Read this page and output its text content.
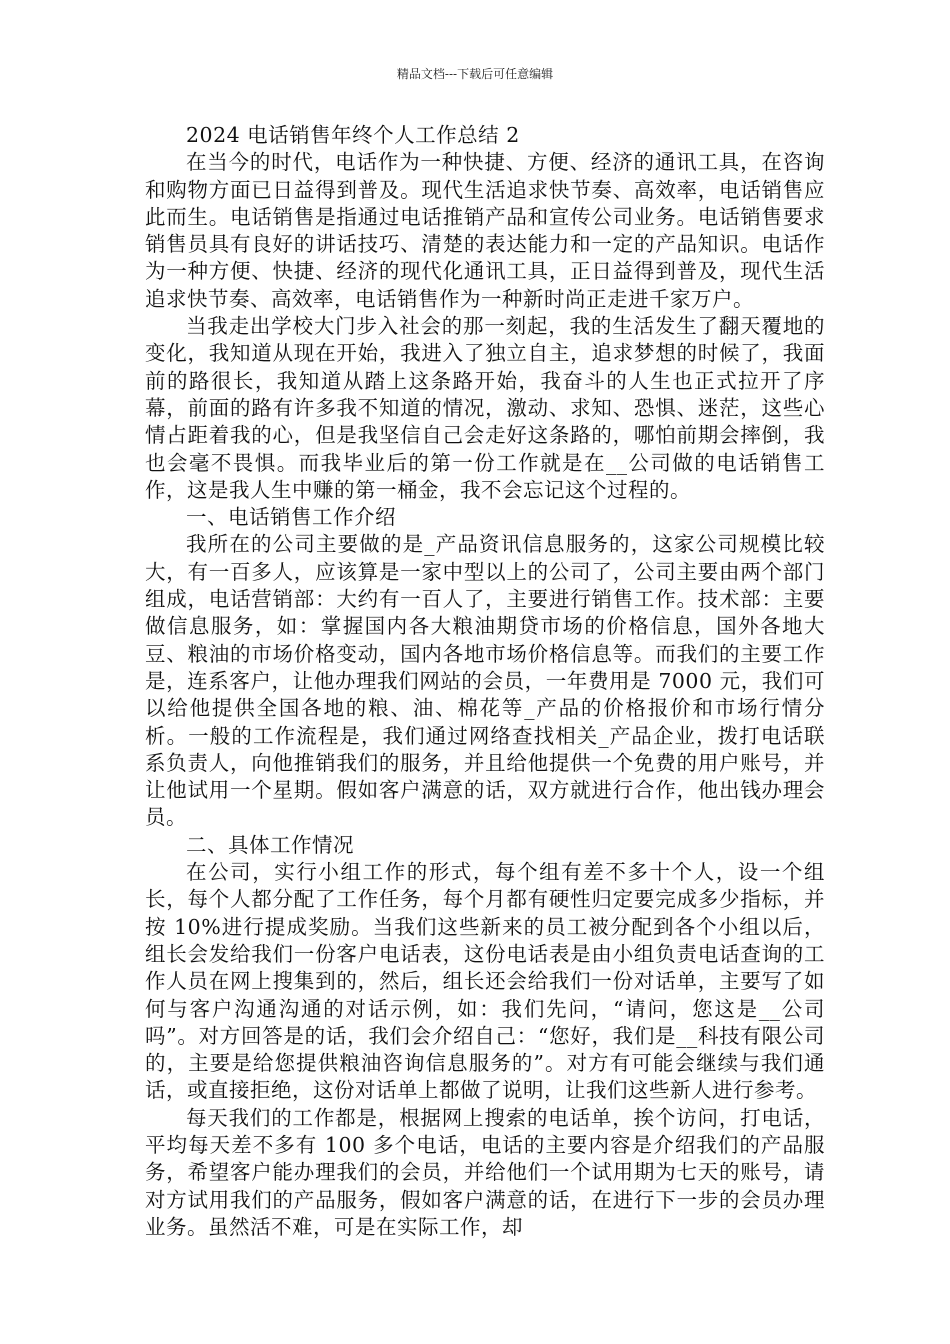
精品文档---下载后可任意编辑

2024 电话销售年终个人工作总结 2

在当今的时代，电话作为一种快捷、方便、经济的通讯工具，在咨询和购物方面已日益得到普及。现代生活追求快节奏、高效率，电话销售应此而生。电话销售是指通过电话推销产品和宣传公司业务。电话销售要求销售员具有良好的讲话技巧、清楚的表达能力和一定的产品知识。电话作为一种方便、快捷、经济的现代化通讯工具，正日益得到普及，现代生活追求快节奏、高效率，电话销售作为一种新时尚正走进千家万户。

当我走出学校大门步入社会的那一刻起，我的生活发生了翻天覆地的变化，我知道从现在开始，我进入了独立自主，追求梦想的时候了，我面前的路很长，我知道从踏上这条路开始，我奋斗的人生也正式拉开了序幕，前面的路有许多我不知道的情况，激动、求知、恐惧、迷茫，这些心情占距着我的心，但是我坚信自己会走好这条路的，哪怕前期会摔倒，我也会毫不畏惧。而我毕业后的第一份工作就是在__公司做的电话销售工作，这是我人生中赚的第一桶金，我不会忘记这个过程的。

一、电话销售工作介绍

我所在的公司主要做的是_产品资讯信息服务的，这家公司规模比较大，有一百多人，应该算是一家中型以上的公司了，公司主要由两个部门组成，电话营销部：大约有一百人了，主要进行销售工作。技术部：主要做信息服务，如：掌握国内各大粮油期贷市场的价格信息，国外各地大豆、粮油的市场价格变动，国内各地市场价格信息等。而我们的主要工作是，连系客户，让他办理我们网站的会员，一年费用是 7000 元，我们可以给他提供全国各地的粮、油、棉花等_产品的价格报价和市场行情分析。一般的工作流程是，我们通过网络查找相关_产品企业，拨打电话联系负责人，向他推销我们的服务，并且给他提供一个免费的用户账号，并让他试用一个星期。假如客户满意的话，双方就进行合作，他出钱办理会员。

二、具体工作情况

在公司，实行小组工作的形式，每个组有差不多十个人，设一个组长，每个人都分配了工作任务，每个月都有硬性归定要完成多少指标，并按 10%进行提成奖励。当我们这些新来的员工被分配到各个小组以后，组长会发给我们一份客户电话表，这份电话表是由小组负责电话查询的工作人员在网上搜集到的，然后，组长还会给我们一份对话单，主要写了如何与客户沟通沟通的对话示例，如：我们先问，“请问，您这是__公司吗”。对方回答是的话，我们会介绍自己：“您好，我们是__科技有限公司的，主要是给您提供粮油咨询信息服务的”。对方有可能会继续与我们通话，或直接拒绝，这份对话单上都做了说明，让我们这些新人进行参考。

每天我们的工作都是，根据网上搜索的电话单，挨个访问，打电话，平均每天差不多有 100 多个电话，电话的主要内容是介绍我们的产品服务，希望客户能办理我们的会员，并给他们一个试用期为七天的账号，请对方试用我们的产品服务，假如客户满意的话，在进行下一步的会员办理业务。虽然活不难，可是在实际工作，却
